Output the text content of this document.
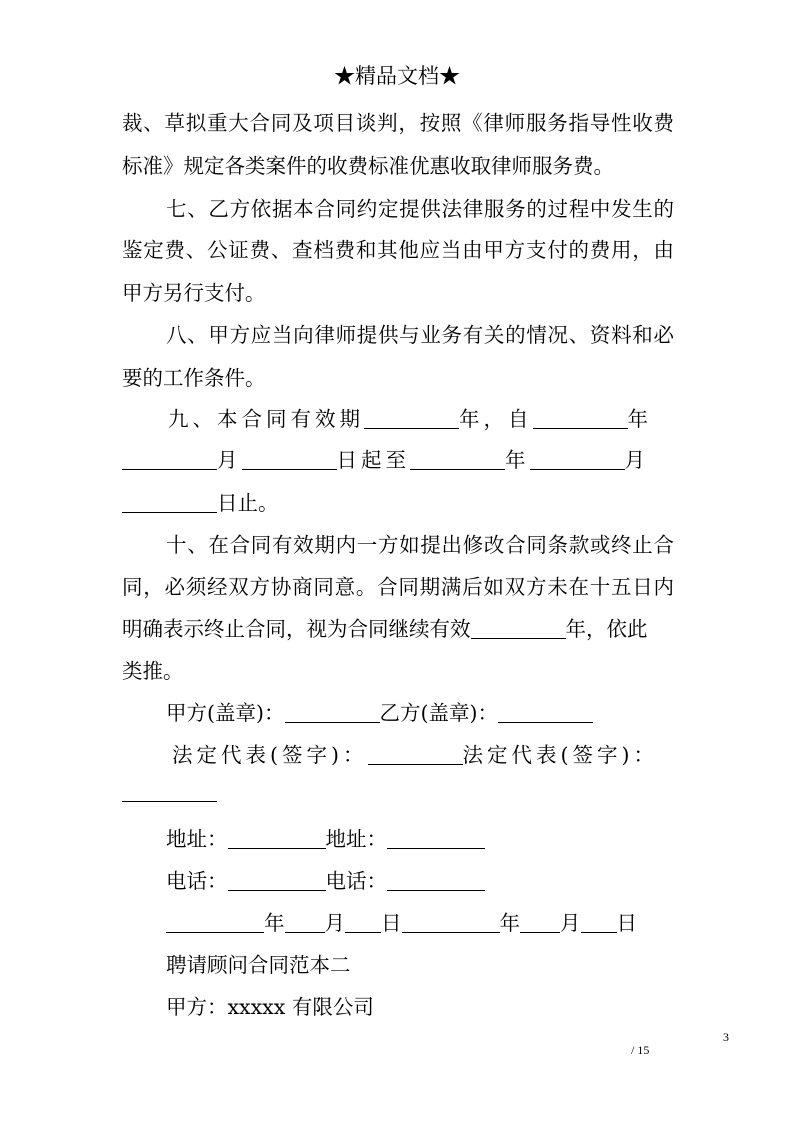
★精品文档★
裁、草拟重大合同及项目谈判，按照《律师服务指导性收费
标准》规定各类案件的收费标准优惠收取律师服务费。
七、乙方依据本合同约定提供法律服务的过程中发生的
鉴定费、公证费、查档费和其他应当由甲方支付的费用，由
甲方另行支付。
八、甲方应当向律师提供与业务有关的情况、资料和必
要的工作条件。
九、本合同有效期	年，自	年
月	日起至	年	月
日止。
十、在合同有效期内一方如提出修改合同条款或终止合
同，必须经双方协商同意。合同期满后如双方未在十五日内
明确表示终止合同，视为合同继续有效	年，依此
类推。
甲方(盖章)：	乙方(盖章)：
法定代表(签字)：	法定代表(签字)：
地址：	地址：
电话：	电话：
年 月 日	年 月 日
聘请顾问合同范本二
甲方：xxxxx 有限公司
3
/ 15
